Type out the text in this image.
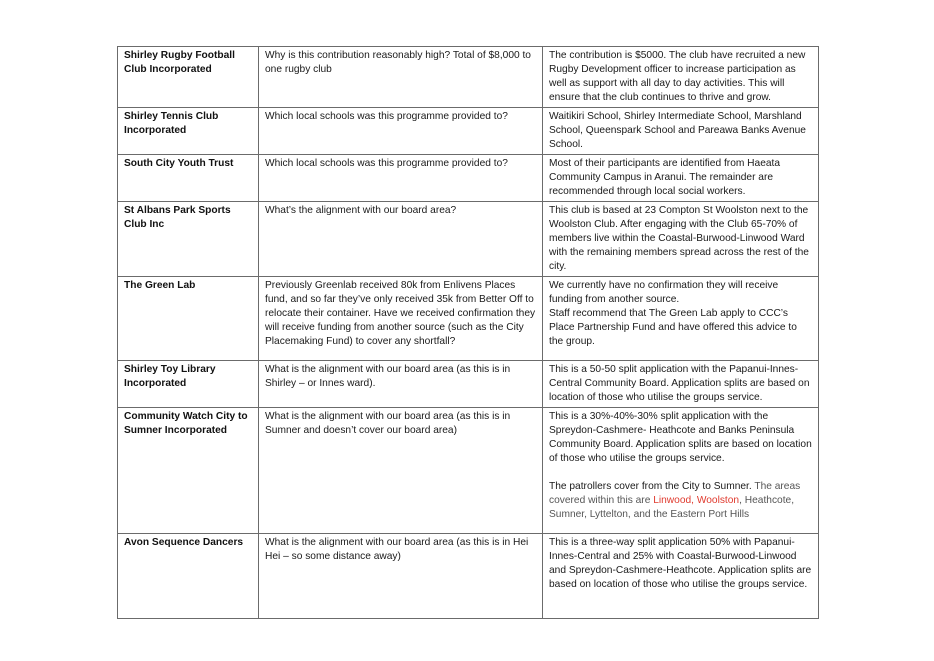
Shirley Rugby Football Club Incorporated	Why is this contribution reasonably high? Total of $8,000 to one rugby club	The contribution is $5000. The club have recruited a new Rugby Development officer to increase participation as well as support with all day to day activities. This will ensure that the club continues to thrive and grow.
Shirley Tennis Club Incorporated	Which local schools was this programme provided to?	Waitikiri School, Shirley Intermediate School, Marshland School, Queenspark School and Pareawa Banks Avenue School.
South City Youth Trust	Which local schools was this programme provided to?	Most of their participants are identified from Haeata Community Campus in Aranui. The remainder are recommended through local social workers.
St Albans Park Sports Club Inc	What’s the alignment with our board area?	This club is based at 23 Compton St Woolston next to the Woolston Club. After engaging with the Club 65-70% of members live within the Coastal-Burwood-Linwood Ward with the remaining members spread across the rest of the city.
The Green Lab	Previously Greenlab received 80k from Enlivens Places fund, and so far they’ve only received 35k from Better Off to relocate their container. Have we received confirmation they will receive funding from another source (such as the City Placemaking Fund) to cover any shortfall?	We currently have no confirmation they will receive funding from another source.
Staff recommend that The Green Lab apply to CCC’s Place Partnership Fund and have offered this advice to the group.

Shirley Toy Library Incorporated	What is the alignment with our board area (as this is in Shirley – or Innes ward).	This is a 50-50 split application with the Papanui-Innes-Central Community Board. Application splits are based on location of those who utilise the groups service.
Community Watch City to Sumner Incorporated	What is the alignment with our board area (as this is in Sumner and doesn’t cover our board area)	This is a 30%-40%-30% split application with the Spreydon-Cashmere- Heathcote and Banks Peninsula Community Board. Application splits are based on location of those who utilise the groups service.
The patrollers cover from the City to Sumner. The areas covered within this are Linwood, Woolston, Heathcote, Sumner, Lyttelton, and the Eastern Port Hills

Avon Sequence Dancers	What is the alignment with our board area (as this is in Hei Hei – so some distance away)	This is a three-way split application 50% with Papanui-Innes-Central and 25% with Coastal-Burwood-Linwood and Spreydon-Cashmere-Heathcote. Application splits are based on location of those who utilise the groups service.
